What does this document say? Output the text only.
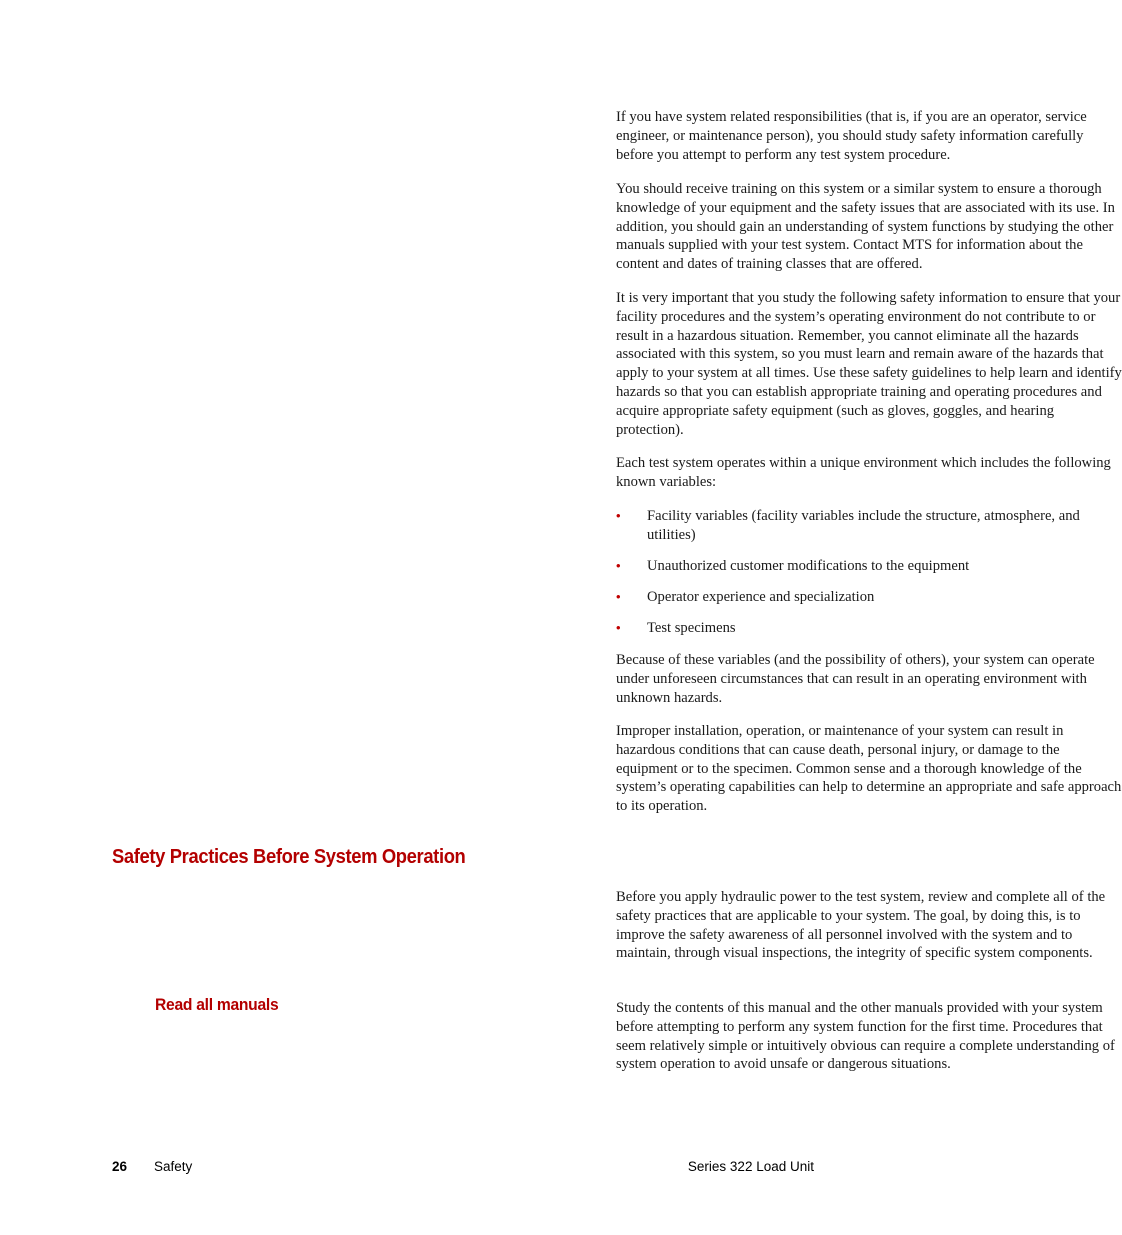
If you have system related responsibilities (that is, if you are an operator, service engineer, or maintenance person), you should study safety information carefully before you attempt to perform any test system procedure.

You should receive training on this system or a similar system to ensure a thorough knowledge of your equipment and the safety issues that are associated with its use. In addition, you should gain an understanding of system functions by studying the other manuals supplied with your test system. Contact MTS for information about the content and dates of training classes that are offered.

It is very important that you study the following safety information to ensure that your facility procedures and the system’s operating environment do not contribute to or result in a hazardous situation. Remember, you cannot eliminate all the hazards associated with this system, so you must learn and remain aware of the hazards that apply to your system at all times. Use these safety guidelines to help learn and identify hazards so that you can establish appropriate training and operating procedures and acquire appropriate safety equipment (such as gloves, goggles, and hearing protection).

Each test system operates within a unique environment which includes the following known variables:

•	Facility variables (facility variables include the structure, atmosphere, and utilities)
•	Unauthorized customer modifications to the equipment
•	Operator experience and specialization
•	Test specimens

Because of these variables (and the possibility of others), your system can operate under unforeseen circumstances that can result in an operating environment with unknown hazards.

Improper installation, operation, or maintenance of your system can result in hazardous conditions that can cause death, personal injury, or damage to the equipment or to the specimen. Common sense and a thorough knowledge of the system’s operating capabilities can help to determine an appropriate and safe approach to its operation.

Before you apply hydraulic power to the test system, review and complete all of the safety practices that are applicable to your system. The goal, by doing this, is to improve the safety awareness of all personnel involved with the system and to maintain, through visual inspections, the integrity of specific system components.

Study the contents of this manual and the other manuals provided with your system before attempting to perform any system function for the first time. Procedures that seem relatively simple or intuitively obvious can require a complete understanding of system operation to avoid unsafe or dangerous situations.

Safety Practices Before System Operation
Read all manuals
26 Safety	Series 322 Load Unit
